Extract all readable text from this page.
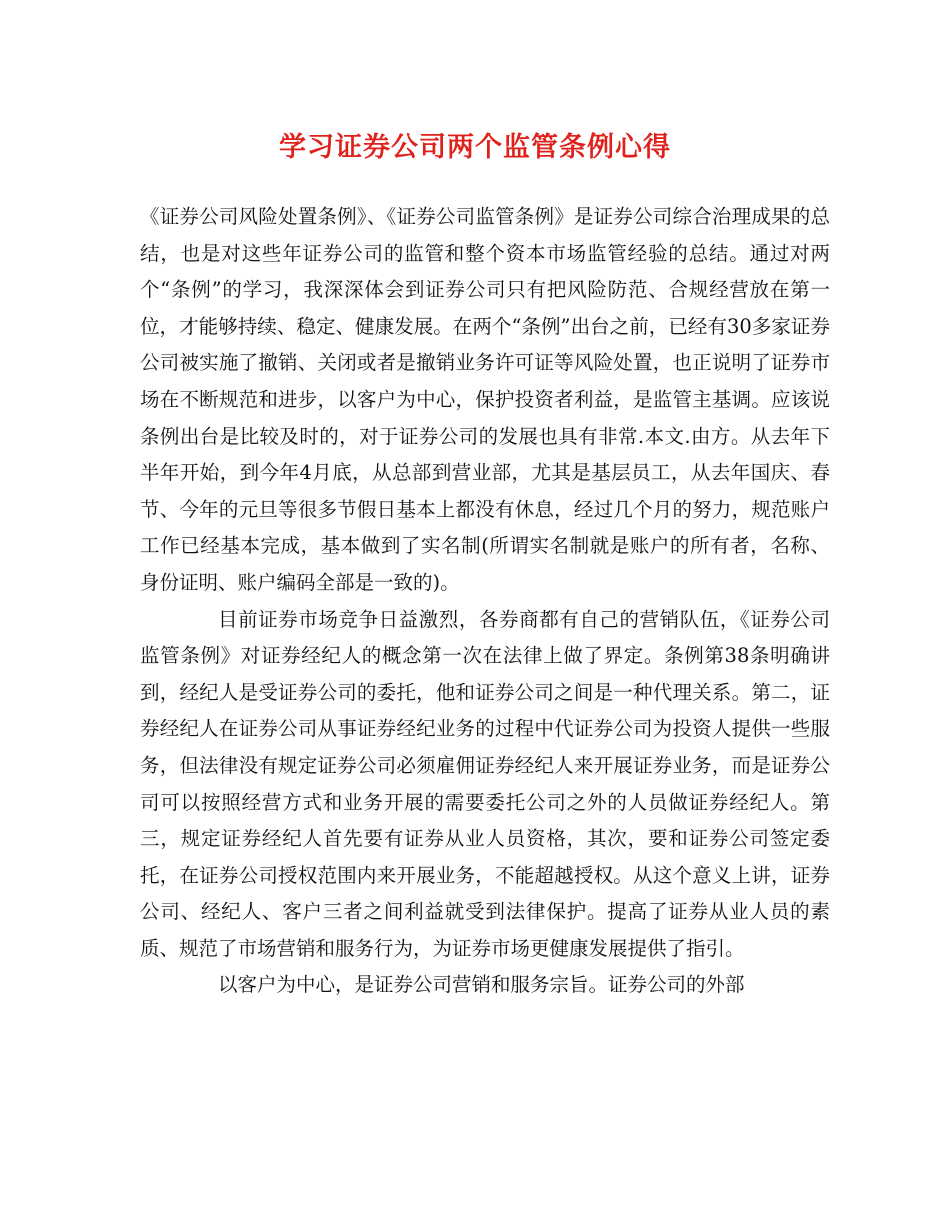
学习证券公司两个监管条例心得

《证券公司风险处置条例》、《证券公司监管条例》是证券公司综合治理成果的总结，也是对这些年证券公司的监管和整个资本市场监管经验的总结。通过对两个“条例”的学习，我深深体会到证券公司只有把风险防范、合规经营放在第一位，才能够持续、稳定、健康发展。在两个“条例”出台之前，已经有30多家证券公司被实施了撤销、关闭或者是撤销业务许可证等风险处置，也正说明了证券市场在不断规范和进步，以客户为中心，保护投资者利益，是监管主基调。应该说条例出台是比较及时的，对于证券公司的发展也具有非常.本文.由方。从去年下半年开始，到今年4月底，从总部到营业部，尤其是基层员工，从去年国庆、春节、今年的元旦等很多节假日基本上都没有休息，经过几个月的努力，规范账户工作已经基本完成，基本做到了实名制(所谓实名制就是账户的所有者，名称、身份证明、账户编码全部是一致的)。

目前证券市场竞争日益激烈，各券商都有自己的营销队伍，《证券公司监管条例》对证券经纪人的概念第一次在法律上做了界定。条例第38条明确讲到，经纪人是受证券公司的委托，他和证券公司之间是一种代理关系。第二，证券经纪人在证券公司从事证券经纪业务的过程中代证券公司为投资人提供一些服务，但法律没有规定证券公司必须雇佣证券经纪人来开展证券业务，而是证券公司可以按照经营方式和业务开展的需要委托公司之外的人员做证券经纪人。第三，规定证券经纪人首先要有证券从业人员资格，其次，要和证券公司签定委托，在证券公司授权范围内来开展业务，不能超越授权。从这个意义上讲，证券公司、经纪人、客户三者之间利益就受到法律保护。提高了证券从业人员的素质、规范了市场营销和服务行为，为证券市场更健康发展提供了指引。

以客户为中心，是证券公司营销和服务宗旨。证券公司的外部
